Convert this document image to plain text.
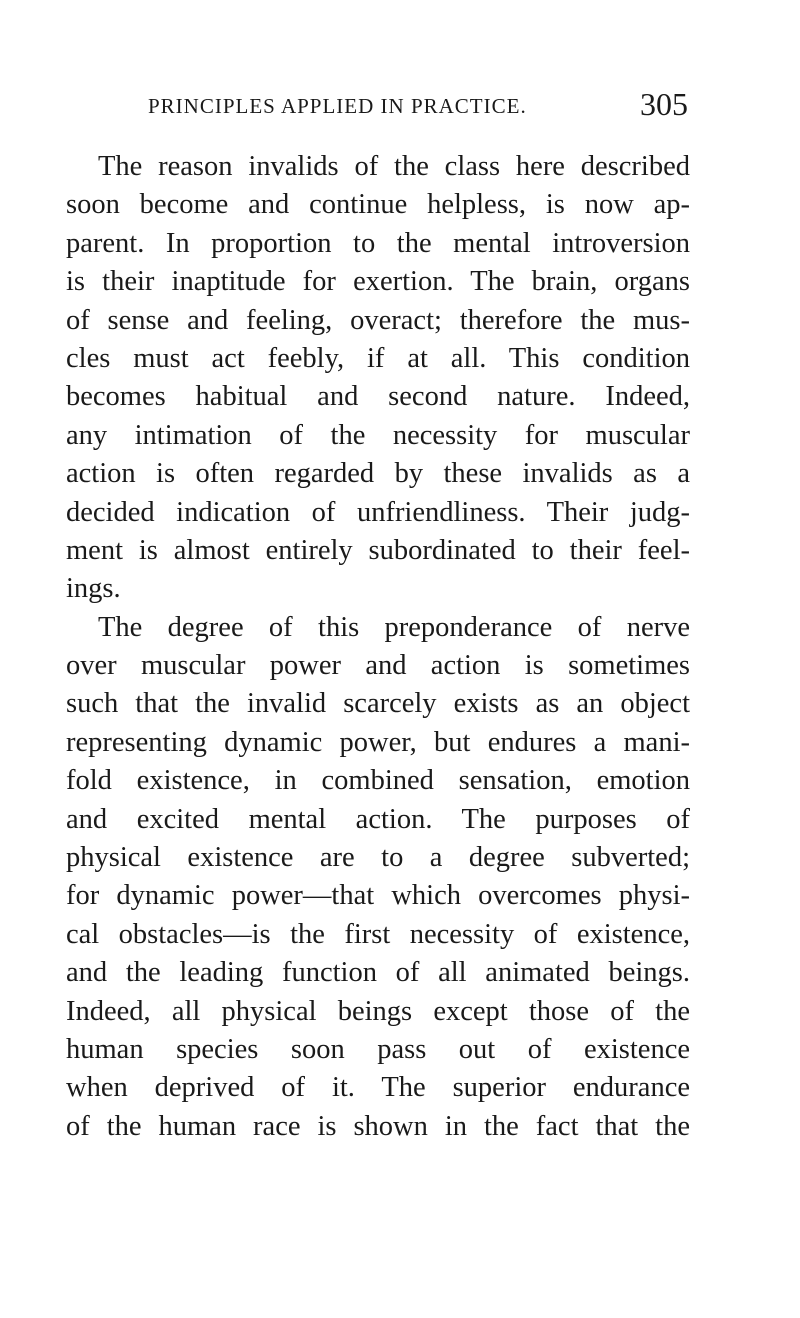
PRINCIPLES APPLIED IN PRACTICE.	305
The reason invalids of the class here described
soon become and continue helpless, is now ap-
parent. In proportion to the mental introversion
is their inaptitude for exertion. The brain, organs
of sense and feeling, overact; therefore the mus-
cles must act feebly, if at all. This condition
becomes habitual and second nature. Indeed,
any intimation of the necessity for muscular
action is often regarded by these invalids as a
decided indication of unfriendliness. Their judg-
ment is almost entirely subordinated to their feel-
ings.
The degree of this preponderance of nerve
over muscular power and action is sometimes
such that the invalid scarcely exists as an object
representing dynamic power, but endures a mani-
fold existence, in combined sensation, emotion
and excited mental action. The purposes of
physical existence are to a degree subverted;
for dynamic power—that which overcomes physi-
cal obstacles—is the first necessity of existence,
and the leading function of all animated beings.
Indeed, all physical beings except those of the
human species soon pass out of existence
when deprived of it. The superior endurance
of the human race is shown in the fact that the
